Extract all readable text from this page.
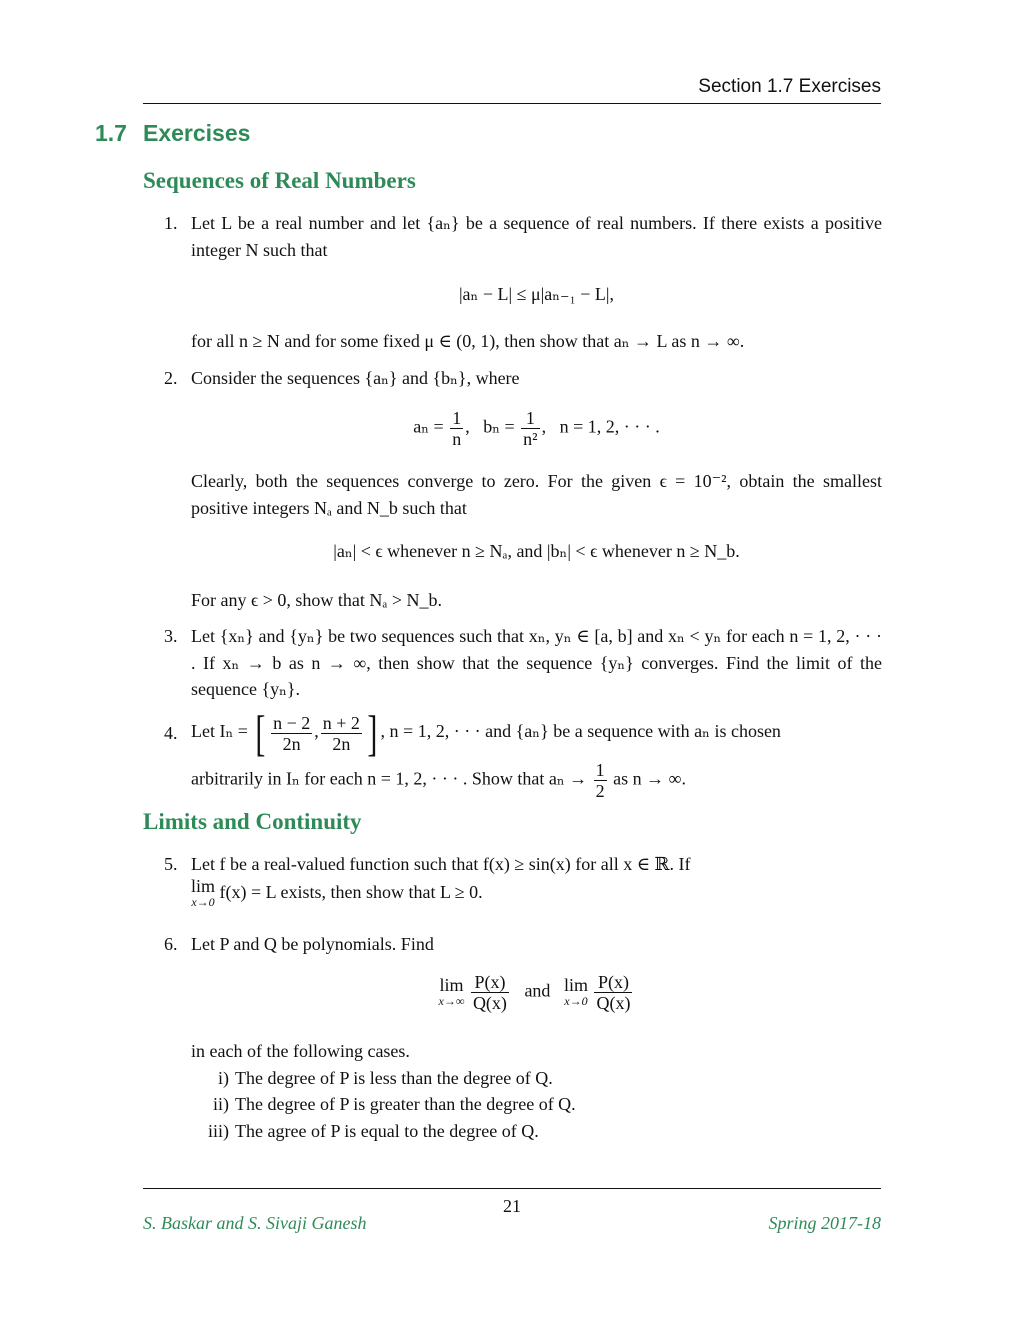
Section 1.7 Exercises
1.7 Exercises
Sequences of Real Numbers
1. Let L be a real number and let {aₙ} be a sequence of real numbers. If there exists a positive integer N such that
|aₙ − L| ≤ μ|aₙ₋₁ − L|,
for all n ≥ N and for some fixed μ ∈ (0, 1), then show that aₙ → L as n → ∞.
2. Consider the sequences {aₙ} and {bₙ}, where
$a_n = \frac{1}{n}$ ,   $b_n = \frac{1}{\text{n²}}$ ,   n = 1, 2, · · · .
Clearly, both the sequences converge to zero. For the given ϵ = 10⁻², obtain the smallest positive integers Nₐ and N_b such that
|aₙ| < ϵ whenever n ≥ Nₐ, and |bₙ| < ϵ whenever n ≥ N_b.
For any ϵ > 0, show that Nₐ > N_b.
3. Let {xₙ} and {yₙ} be two sequences such that xₙ, yₙ ∈ [a, b] and xₙ < yₙ for each n = 1, 2, · · · . If xₙ → b as n → ∞, then show that the sequence {yₙ} converges. Find the limit of the sequence {yₙ}.
4. Let Iₙ = [ $\frac{n - 2}{2n}$ , $\frac{n + 2}{2n}$ ] , n = 1, 2, · · · and {aₙ} be a sequence with aₙ is chosen
arbitrarily in Iₙ for each n = 1, 2, · · · . Show that $a_n \to \frac{1}{2}$ as n → ∞.
Limits and Continuity
5. Let f be a real-valued function such that f(x) ≥ sin(x) for all x ∈ ℝ. If
lim
x→0 f(x) = L exists, then show that L ≥ 0.
6. Let P and Q be polynomials. Find
lim
x→∞
$\frac{P(x)}{Q(x)}$ and lim
x→0
$\frac{P(x)}{Q(x)}$
in each of the following cases.
i) The degree of P is less than the degree of Q.
ii) The degree of P is greater than the degree of Q.
iii) The agree of P is equal to the degree of Q.
21
S. Baskar and S. Sivaji Ganesh	Spring 2017-18
